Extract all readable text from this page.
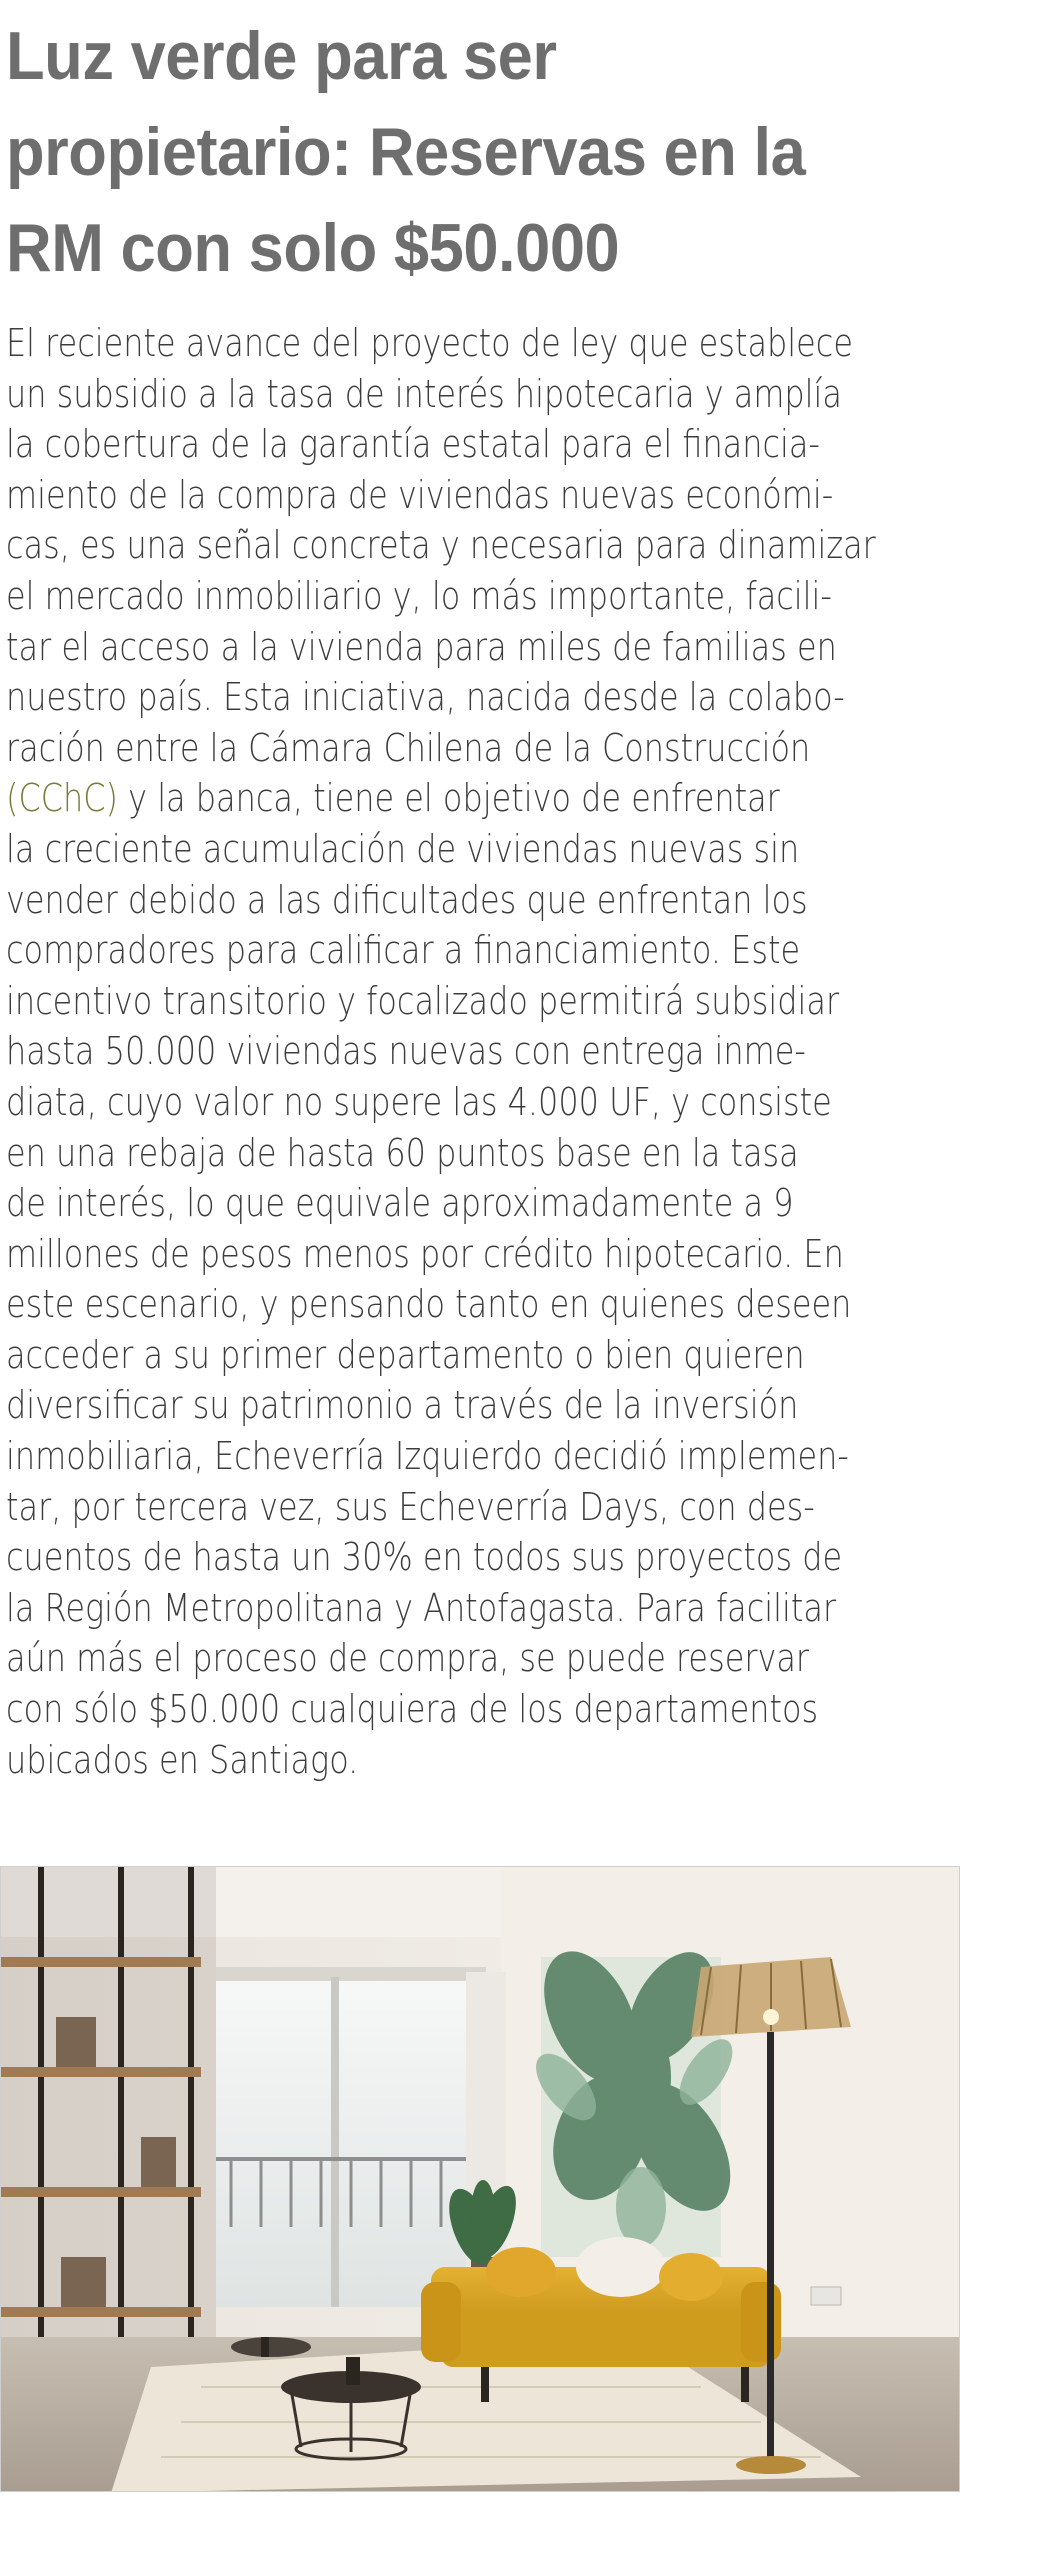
Luz verde para ser
propietario: Reservas en la
RM con solo $50.000

El reciente avance del proyecto de ley que establece
un subsidio a la tasa de interés hipotecaria y amplía
la cobertura de la garantía estatal para el financia-
miento de la compra de viviendas nuevas económi-
cas, es una señal concreta y necesaria para dinamizar
el mercado inmobiliario y, lo más importante, facili-
tar el acceso a la vivienda para miles de familias en
nuestro país. Esta iniciativa, nacida desde la colabo-
ración entre la Cámara Chilena de la Construcción
(CChC) y la banca, tiene el objetivo de enfrentar
la creciente acumulación de viviendas nuevas sin
vender debido a las dificultades que enfrentan los
compradores para calificar a financiamiento. Este
incentivo transitorio y focalizado permitirá subsidiar
hasta 50.000 viviendas nuevas con entrega inme-
diata, cuyo valor no supere las 4.000 UF, y consiste
en una rebaja de hasta 60 puntos base en la tasa
de interés, lo que equivale aproximadamente a 9
millones de pesos menos por crédito hipotecario. En
este escenario, y pensando tanto en quienes deseen
acceder a su primer departamento o bien quieren
diversificar su patrimonio a través de la inversión
inmobiliaria, Echeverría Izquierdo decidió implemen-
tar, por tercera vez, sus Echeverría Days, con des-
cuentos de hasta un 30% en todos sus proyectos de
la Región Metropolitana y Antofagasta. Para facilitar
aún más el proceso de compra, se puede reservar
con sólo $50.000 cualquiera de los departamentos
ubicados en Santiago.
